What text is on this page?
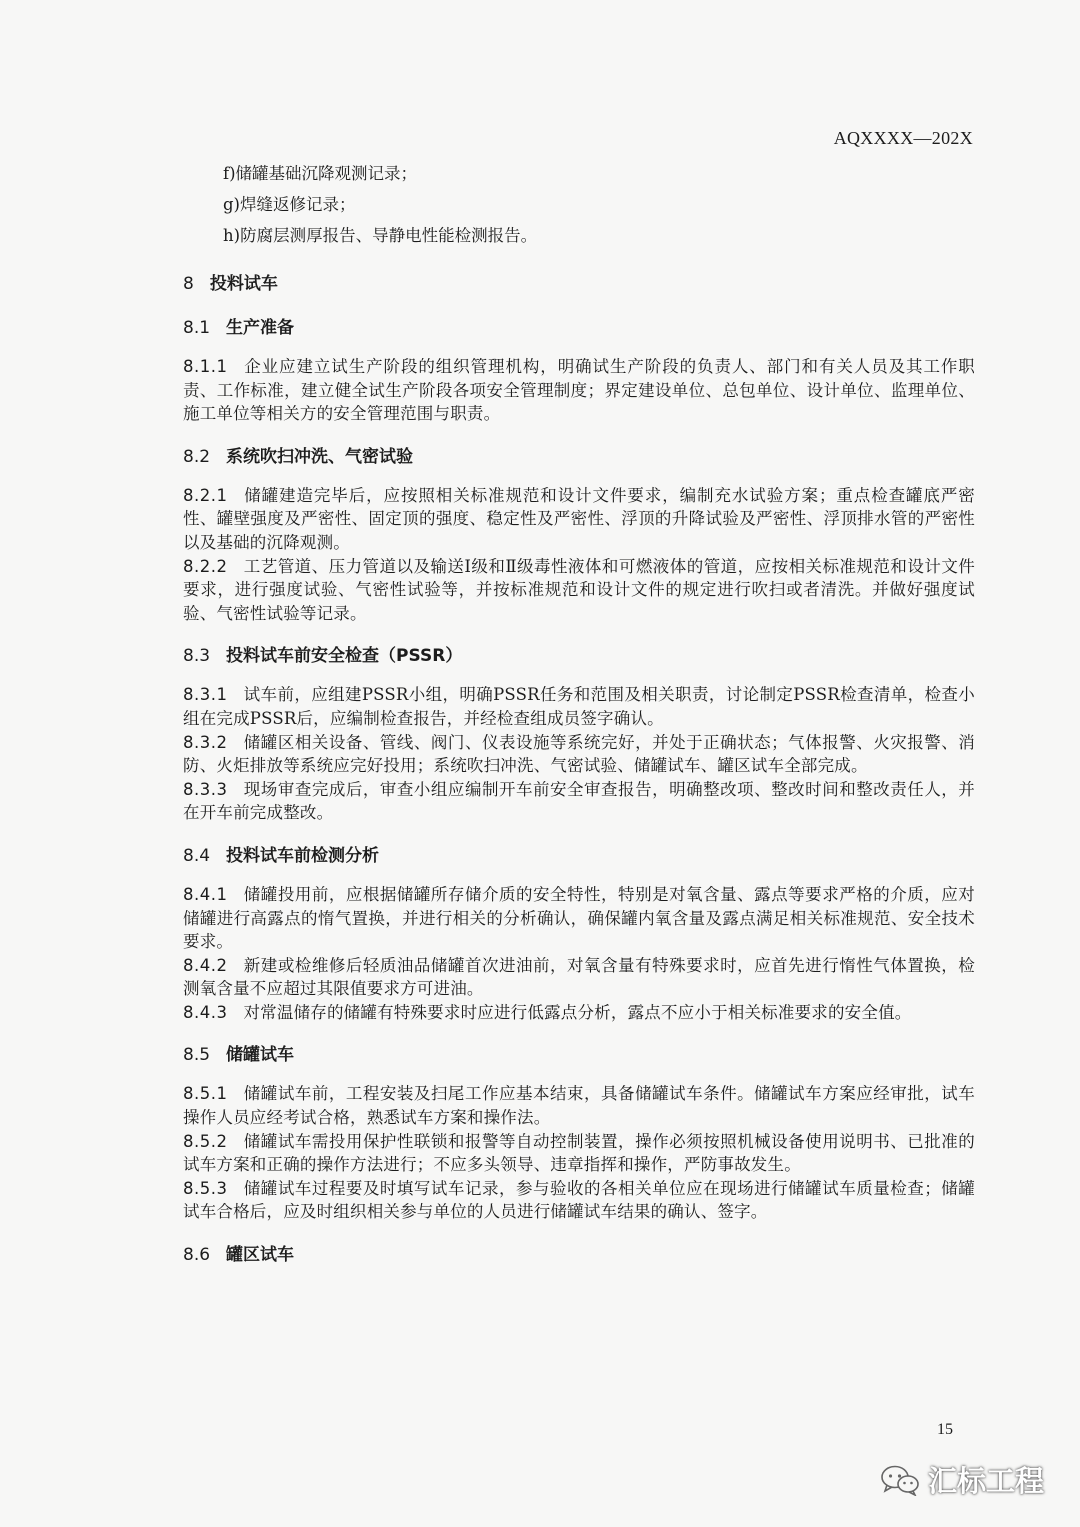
AQXXXX—202X
f)储罐基础沉降观测记录；
g)焊缝返修记录；
h)防腐层测厚报告、导静电性能检测报告。
8 投料试车
8.1 生产准备
8.1.1 企业应建立试生产阶段的组织管理机构，明确试生产阶段的负责人、部门和有关人员及其工作职责、工作标准，建立健全试生产阶段各项安全管理制度；界定建设单位、总包单位、设计单位、监理单位、施工单位等相关方的安全管理范围与职责。
8.2 系统吹扫冲洗、气密试验
8.2.1 储罐建造完毕后，应按照相关标准规范和设计文件要求，编制充水试验方案；重点检查罐底严密性、罐壁强度及严密性、固定顶的强度、稳定性及严密性、浮顶的升降试验及严密性、浮顶排水管的严密性以及基础的沉降观测。
8.2.2 工艺管道、压力管道以及输送Ⅰ级和Ⅱ级毒性液体和可燃液体的管道，应按相关标准规范和设计文件要求，进行强度试验、气密性试验等，并按标准规范和设计文件的规定进行吹扫或者清洗。并做好强度试验、气密性试验等记录。
8.3 投料试车前安全检查（PSSR）
8.3.1 试车前，应组建PSSR小组，明确PSSR任务和范围及相关职责，讨论制定PSSR检查清单，检查小组在完成PSSR后，应编制检查报告，并经检查组成员签字确认。
8.3.2 储罐区相关设备、管线、阀门、仪表设施等系统完好，并处于正确状态；气体报警、火灾报警、消防、火炬排放等系统应完好投用；系统吹扫冲洗、气密试验、储罐试车、罐区试车全部完成。
8.3.3 现场审查完成后，审查小组应编制开车前安全审查报告，明确整改项、整改时间和整改责任人，并在开车前完成整改。
8.4 投料试车前检测分析
8.4.1 储罐投用前，应根据储罐所存储介质的安全特性，特别是对氧含量、露点等要求严格的介质，应对储罐进行高露点的惰气置换，并进行相关的分析确认，确保罐内氧含量及露点满足相关标准规范、安全技术要求。
8.4.2 新建或检维修后轻质油品储罐首次进油前，对氧含量有特殊要求时，应首先进行惰性气体置换，检测氧含量不应超过其限值要求方可进油。
8.4.3 对常温储存的储罐有特殊要求时应进行低露点分析，露点不应小于相关标准要求的安全值。
8.5 储罐试车
8.5.1 储罐试车前，工程安装及扫尾工作应基本结束，具备储罐试车条件。储罐试车方案应经审批，试车操作人员应经考试合格，熟悉试车方案和操作法。
8.5.2 储罐试车需投用保护性联锁和报警等自动控制装置，操作必须按照机械设备使用说明书、已批准的试车方案和正确的操作方法进行；不应多头领导、违章指挥和操作，严防事故发生。
8.5.3 储罐试车过程要及时填写试车记录，参与验收的各相关单位应在现场进行储罐试车质量检查；储罐试车合格后，应及时组织相关参与单位的人员进行储罐试车结果的确认、签字。
8.6 罐区试车
15
汇标工程
